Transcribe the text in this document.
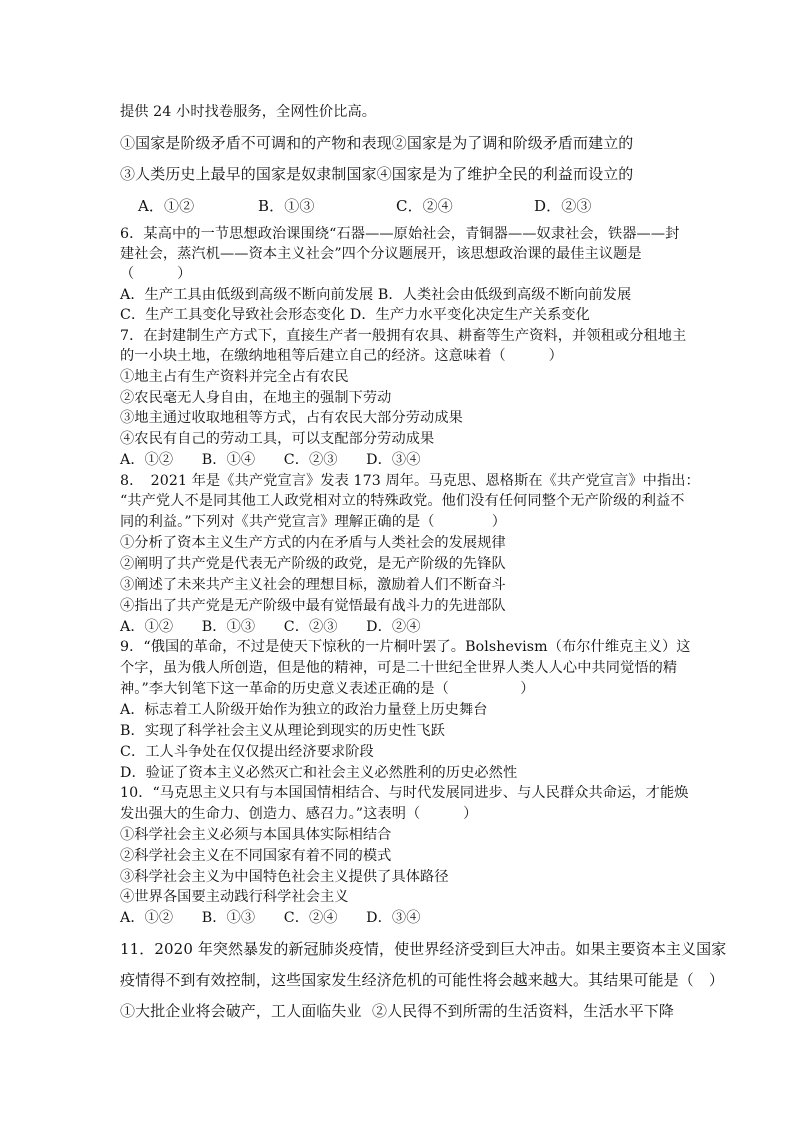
提供 24 小时找卷服务，全网性价比高。
①国家是阶级矛盾不可调和的产物和表现②国家是为了调和阶级矛盾而建立的
③人类历史上最早的国家是奴隶制国家④国家是为了维护全民的利益而设立的
A．①②	B．①③	C．②④	D．②③
6．某高中的一节思想政治课围绕“石器——原始社会，青铜器——奴隶社会，铁器——封
建社会，蒸汽机——资本主义社会”四个分议题展开，该思想政治课的最佳主议题是
（　　　）
A．生产工具由低级到高级不断向前发展 B．人类社会由低级到高级不断向前发展
C．生产工具变化导致社会形态变化 D．生产力水平变化决定生产关系变化
7．在封建制生产方式下，直接生产者一般拥有农具、耕畜等生产资料，并领租或分租地主
的一小块土地，在缴纳地租等后建立自己的经济。这意味着（　　　）
①地主占有生产资料并完全占有农民
②农民毫无人身自由，在地主的强制下劳动
③地主通过收取地租等方式，占有农民大部分劳动成果
④农民有自己的劳动工具，可以支配部分劳动成果
A．①②　　B．①④　　C．②③　　D．③④
8．　2021 年是《共产党宣言》发表 173 周年。马克思、恩格斯在《共产党宣言》中指出：
“共产党人不是同其他工人政党相对立的特殊政党。他们没有任何同整个无产阶级的利益不
同的利益。”下列对《共产党宣言》理解正确的是（　　　　）
①分析了资本主义生产方式的内在矛盾与人类社会的发展规律
②阐明了共产党是代表无产阶级的政党，是无产阶级的先锋队
③阐述了未来共产主义社会的理想目标，激励着人们不断奋斗
④指出了共产党是无产阶级中最有觉悟最有战斗力的先进部队
A．①②　　B．①③　　C．②③　　D．②④
9．“俄国的革命，不过是使天下惊秋的一片桐叶罢了。Bolshevism（布尔什维克主义）这
个字，虽为俄人所创造，但是他的精神，可是二十世纪全世界人类人人心中共同觉悟的精
神。”李大钊笔下这一革命的历史意义表述正确的是（　　　　　）
A．标志着工人阶级开始作为独立的政治力量登上历史舞台
B．实现了科学社会主义从理论到现实的历史性飞跃
C．工人斗争处在仅仅提出经济要求阶段
D．验证了资本主义必然灭亡和社会主义必然胜利的历史必然性
10．“马克思主义只有与本国国情相结合、与时代发展同进步、与人民群众共命运，才能焕
发出强大的生命力、创造力、感召力。”这表明（　　　）
①科学社会主义必须与本国具体实际相结合
②科学社会主义在不同国家有着不同的模式
③科学社会主义为中国特色社会主义提供了具体路径
④世界各国要主动践行科学社会主义
A．①②　　B．①③　　C．②④　　D．③④
11．2020 年突然暴发的新冠肺炎疫情，使世界经济受到巨大冲击。如果主要资本主义国家
疫情得不到有效控制，这些国家发生经济危机的可能性将会越来越大。其结果可能是（　）
①大批企业将会破产，工人面临失业 ②人民得不到所需的生活资料，生活水平下降
